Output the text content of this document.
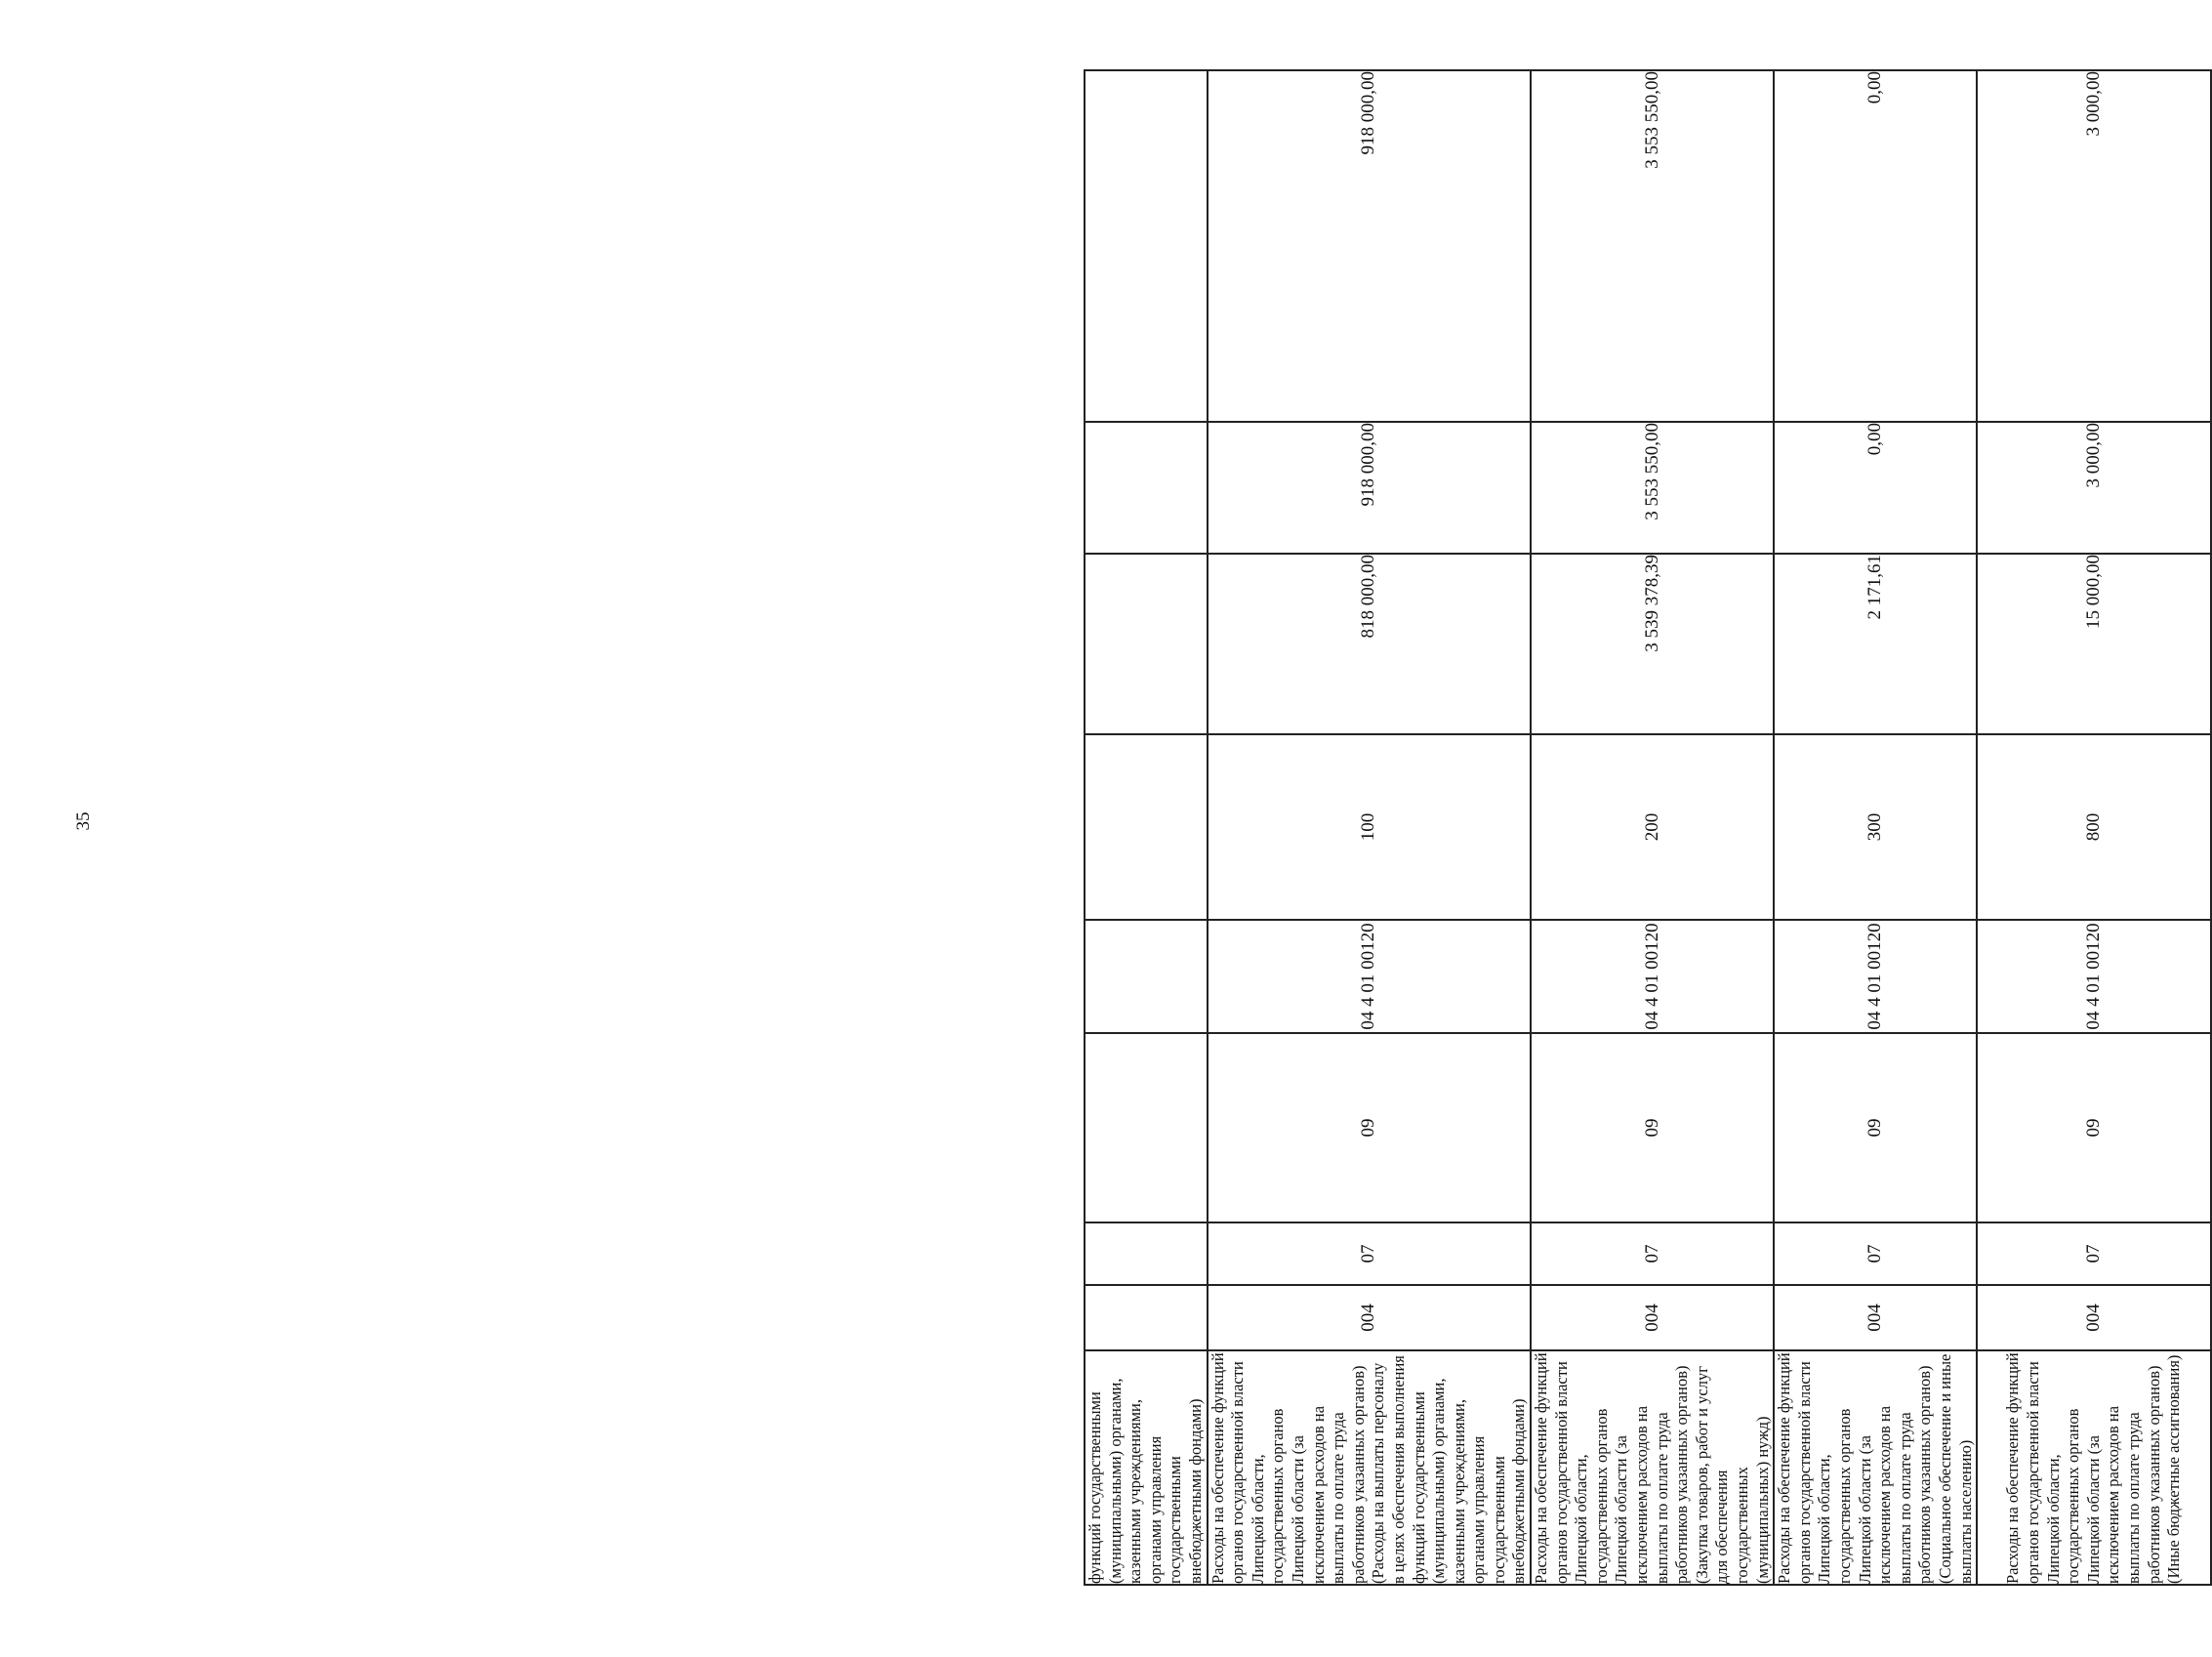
35
функций государственными (муниципальными) органами, казенными учреждениями, органами управления государственными внебюджетными фондами)								
Расходы на обеспечение функций органов государственной власти Липецкой области, государственных органов Липецкой области (за исключением расходов на выплаты по оплате труда работников указанных органов) (Расходы на выплаты персоналу в целях обеспечения выполнения функций государственными (муниципальными) органами, казенными учреждениями, органами управления государственными внебюджетными фондами)	004	07	09	04 4 01 00120	100	818 000,00	918 000,00	918 000,00
Расходы на обеспечение функций органов государственной власти Липецкой области, государственных органов Липецкой области (за исключением расходов на выплаты по оплате труда работников указанных органов) (Закупка товаров, работ и услуг для обеспечения государственных (муниципальных) нужд)	004	07	09	04 4 01 00120	200	3 539 378,39	3 553 550,00	3 553 550,00
Расходы на обеспечение функций органов государственной власти Липецкой области, государственных органов Липецкой области (за исключением расходов на выплаты по оплате труда работников указанных органов) (Социальное обеспечение и иные выплаты населению)	004	07	09	04 4 01 00120	300	2 171,61	0,00	0,00
Расходы на обеспечение функций органов государственной власти Липецкой области, государственных органов Липецкой области (за исключением расходов на выплаты по оплате труда работников указанных органов) (Иные бюджетные ассигнования)	004	07	09	04 4 01 00120	800	15 000,00	3 000,00	3 000,00
